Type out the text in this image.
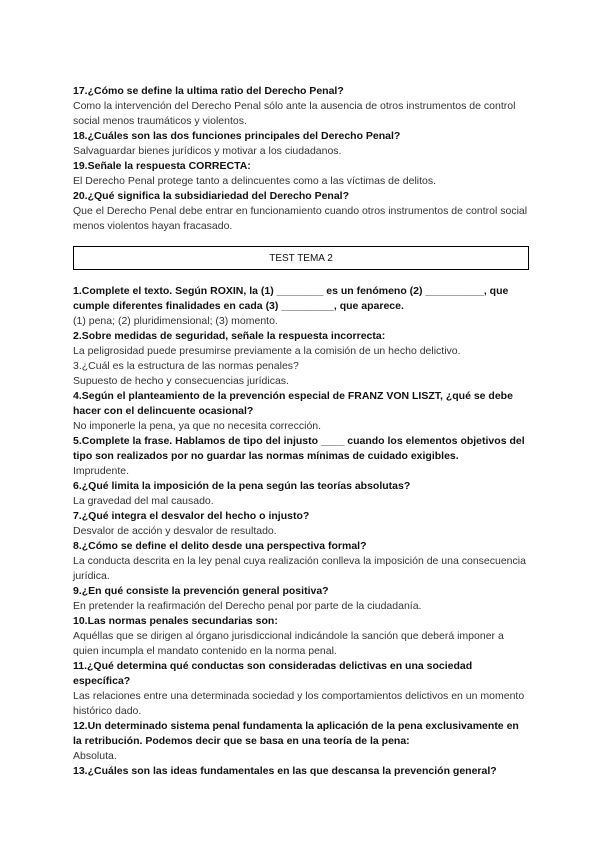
17.¿Cómo se define la ultima ratio del Derecho Penal?
Como la intervención del Derecho Penal sólo ante la ausencia de otros instrumentos de control social menos traumáticos y violentos.
18.¿Cuáles son las dos funciones principales del Derecho Penal?
Salvaguardar bienes jurídicos y motivar a los ciudadanos.
19.Señale la respuesta CORRECTA:
El Derecho Penal protege tanto a delincuentes como a las víctimas de delitos.
20.¿Qué significa la subsidiariedad del Derecho Penal?
Que el Derecho Penal debe entrar en funcionamiento cuando otros instrumentos de control social menos violentos hayan fracasado.
TEST TEMA 2
1.Complete el texto. Según ROXIN, la (1) ________ es un fenómeno (2) __________, que cumple diferentes finalidades en cada (3) _________, que aparece.
(1) pena; (2) pluridimensional; (3) momento.
2.Sobre medidas de seguridad, señale la respuesta incorrecta:
La peligrosidad puede presumirse previamente a la comisión de un hecho delictivo.
3.¿Cuál es la estructura de las normas penales?
Supuesto de hecho y consecuencias jurídicas.
4.Según el planteamiento de la prevención especial de FRANZ VON LISZT, ¿qué se debe hacer con el delincuente ocasional?
No imponerle la pena, ya que no necesita corrección.
5.Complete la frase. Hablamos de tipo del injusto ____ cuando los elementos objetivos del tipo son realizados por no guardar las normas mínimas de cuidado exigibles.
Imprudente.
6.¿Qué limita la imposición de la pena según las teorías absolutas?
La gravedad del mal causado.
7.¿Qué integra el desvalor del hecho o injusto?
Desvalor de acción y desvalor de resultado.
8.¿Cómo se define el delito desde una perspectiva formal?
La conducta descrita en la ley penal cuya realización conlleva la imposición de una consecuencia jurídica.
9.¿En qué consiste la prevención general positiva?
En pretender la reafirmación del Derecho penal por parte de la ciudadanía.
10.Las normas penales secundarias son:
Aquéllas que se dirigen al órgano jurisdiccional indicándole la sanción que deberá imponer a quien incumpla el mandato contenido en la norma penal.
11.¿Qué determina qué conductas son consideradas delictivas en una sociedad específica?
Las relaciones entre una determinada sociedad y los comportamientos delictivos en un momento histórico dado.
12.Un determinado sistema penal fundamenta la aplicación de la pena exclusivamente en la retribución. Podemos decir que se basa en una teoría de la pena:
Absoluta.
13.¿Cuáles son las ideas fundamentales en las que descansa la prevención general?
